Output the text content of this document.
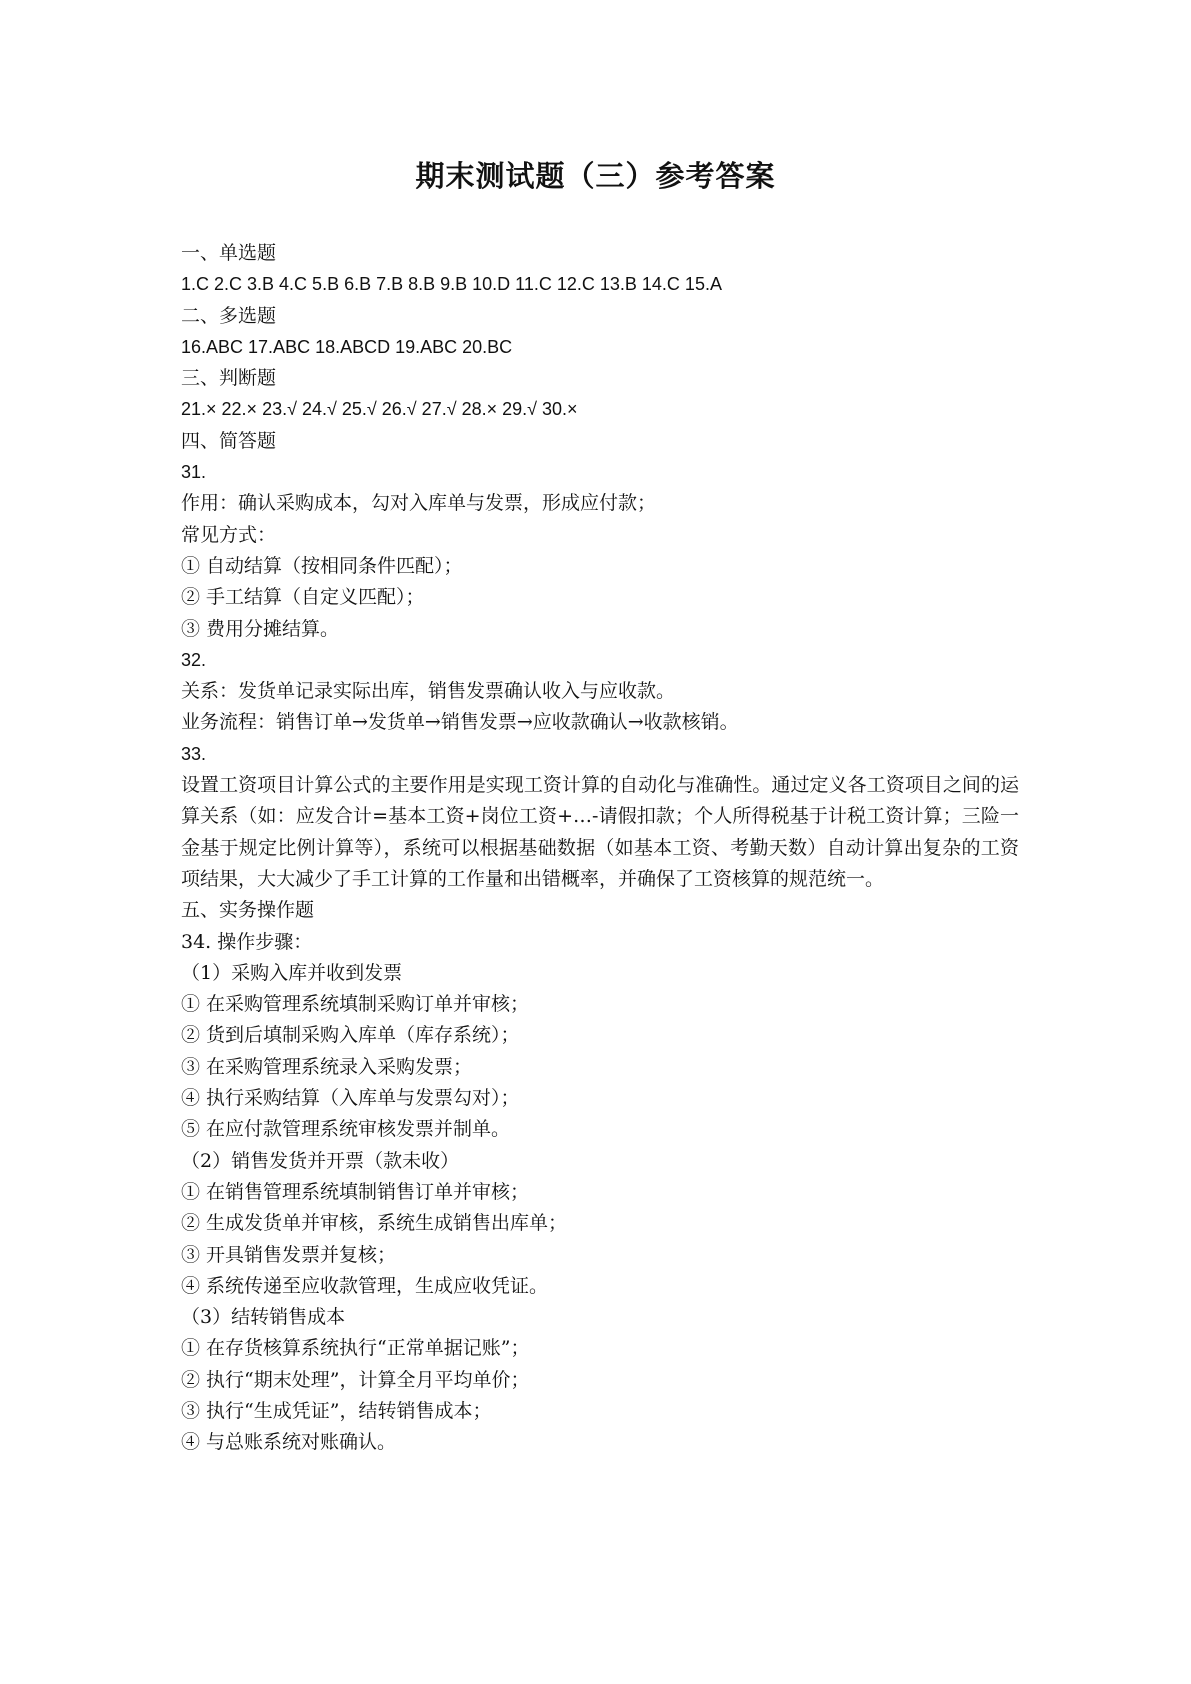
期末测试题（三）参考答案
一、单选题
1.C 2.C 3.B 4.C 5.B 6.B 7.B 8.B 9.B 10.D 11.C 12.C 13.B 14.C 15.A
二、多选题
16.ABC 17.ABC 18.ABCD 19.ABC 20.BC
三、判断题
21.× 22.× 23.√ 24.√ 25.√ 26.√ 27.√ 28.× 29.√ 30.×
四、简答题
31.
作用：确认采购成本，勾对入库单与发票，形成应付款；
常见方式：
① 自动结算（按相同条件匹配）；
② 手工结算（自定义匹配）；
③ 费用分摊结算。
32.
关系：发货单记录实际出库，销售发票确认收入与应收款。
业务流程：销售订单→发货单→销售发票→应收款确认→收款核销。
33.
设置工资项目计算公式的主要作用是实现工资计算的自动化与准确性。通过定义各工资项目之间的运算关系（如：应发合计=基本工资+岗位工资+…-请假扣款；个人所得税基于计税工资计算；三险一金基于规定比例计算等），系统可以根据基础数据（如基本工资、考勤天数）自动计算出复杂的工资项结果，大大减少了手工计算的工作量和出错概率，并确保了工资核算的规范统一。
五、实务操作题
34. 操作步骤：
（1）采购入库并收到发票
① 在采购管理系统填制采购订单并审核；
② 货到后填制采购入库单（库存系统）；
③ 在采购管理系统录入采购发票；
④ 执行采购结算（入库单与发票勾对）；
⑤ 在应付款管理系统审核发票并制单。
（2）销售发货并开票（款未收）
① 在销售管理系统填制销售订单并审核；
② 生成发货单并审核，系统生成销售出库单；
③ 开具销售发票并复核；
④ 系统传递至应收款管理，生成应收凭证。
（3）结转销售成本
① 在存货核算系统执行“正常单据记账”；
② 执行“期末处理”，计算全月平均单价；
③ 执行“生成凭证”，结转销售成本；
④ 与总账系统对账确认。
